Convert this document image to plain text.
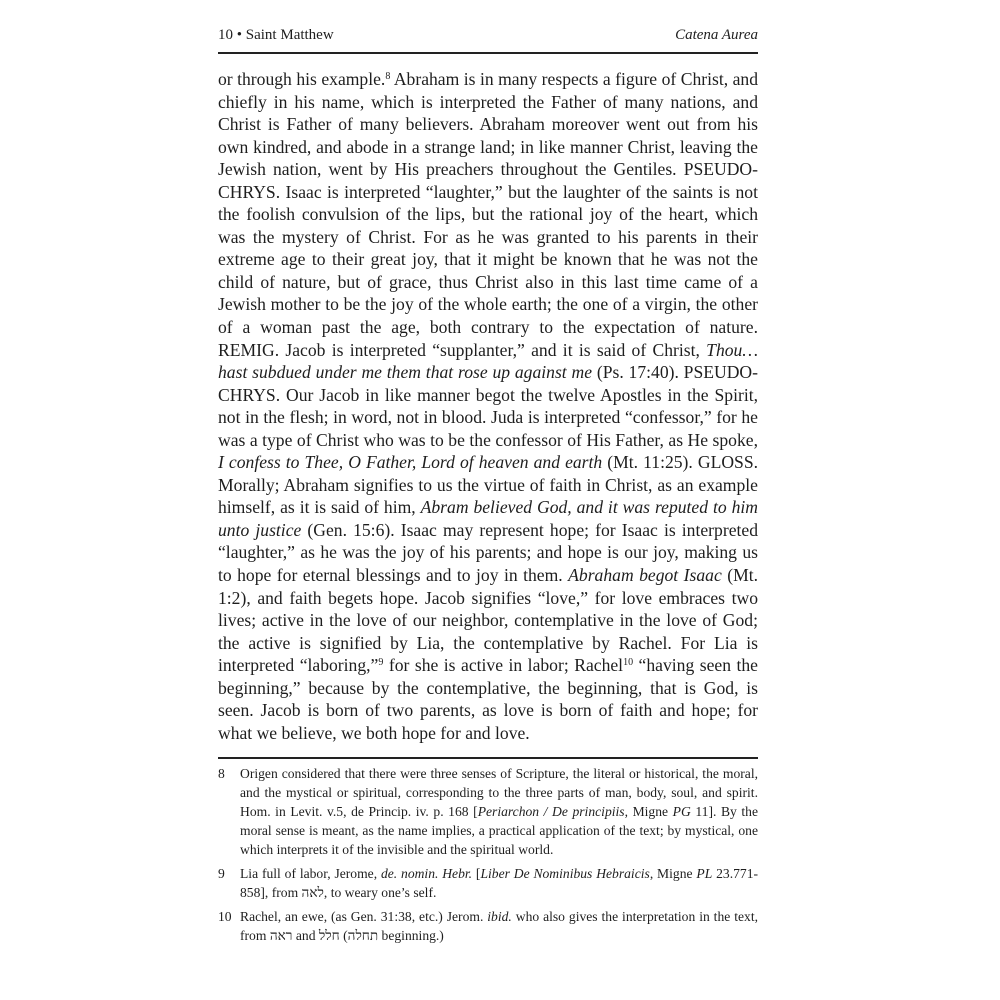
10 • Saint Matthew	Catena Aurea

or through his example.$^8$ Abraham is in many respects a figure of Christ, and chiefly in his name, which is interpreted the Father of many nations, and Christ is Father of many believers. Abraham moreover went out from his own kindred, and abode in a strange land; in like manner Christ, leaving the Jewish nation, went by His preachers throughout the Gentiles. PSEUDO-CHRYS. Isaac is interpreted “laughter,” but the laughter of the saints is not the foolish convulsion of the lips, but the rational joy of the heart, which was the mystery of Christ. For as he was granted to his parents in their extreme age to their great joy, that it might be known that he was not the child of nature, but of grace, thus Christ also in this last time came of a Jewish mother to be the joy of the whole earth; the one of a virgin, the other of a woman past the age, both contrary to the expectation of nature. REMIG. Jacob is interpreted “supplanter,” and it is said of Christ, Thou…hast subdued under me them that rose up against me (Ps. 17:40). PSEUDO-CHRYS. Our Jacob in like manner begot the twelve Apostles in the Spirit, not in the flesh; in word, not in blood. Juda is interpreted “confessor,” for he was a type of Christ who was to be the confessor of His Father, as He spoke, I confess to Thee, O Father, Lord of heaven and earth (Mt. 11:25). GLOSS. Morally; Abraham signifies to us the virtue of faith in Christ, as an example himself, as it is said of him, Abram believed God, and it was reputed to him unto justice (Gen. 15:6). Isaac may represent hope; for Isaac is interpreted “laughter,” as he was the joy of his parents; and hope is our joy, making us to hope for eternal blessings and to joy in them. Abraham begot Isaac (Mt. 1:2), and faith begets hope. Jacob signifies “love,” for love embraces two lives; active in the love of our neighbor, contemplative in the love of God; the active is signified by Lia, the contemplative by Rachel. For Lia is interpreted “laboring,”$^9$ for she is active in labor; Rachel$^{10}$ “having seen the beginning,” because by the contemplative, the beginning, that is God, is seen. Jacob is born of two parents, as love is born of faith and hope; for what we believe, we both hope for and love.

8	Origen considered that there were three senses of Scripture, the literal or historical, the moral, and the mystical or spiritual, corresponding to the three parts of man, body, soul, and spirit. Hom. in Levit. v.5, de Princip. iv. p. 168 [Periarchon / De principiis, Migne PG 11]. By the moral sense is meant, as the name implies, a practical application of the text; by mystical, one which interprets it of the invisible and the spiritual world.
9	Lia full of labor, Jerome, de. nomin. Hebr. [Liber De Nominibus Hebraicis, Migne PL 23.771-858], from לאה, to weary one’s self.
10 Rachel, an ewe, (as Gen. 31:38, etc.) Jerom. ibid. who also gives the interpretation in the text, from ראה and חלל (תחלה beginning.)
